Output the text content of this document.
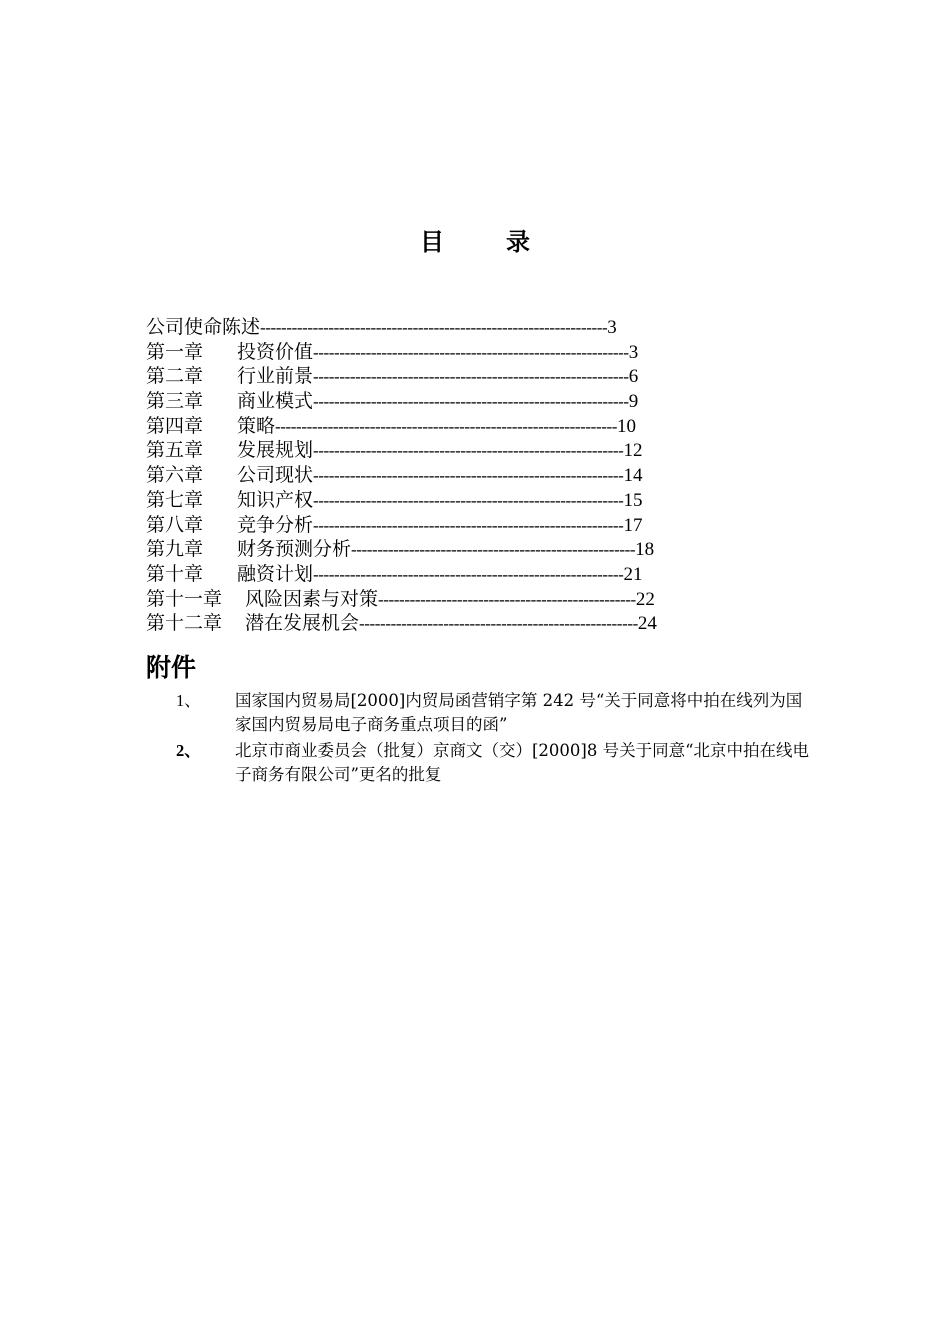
目	录
公司使命陈述------------------------------------------------------------------3
第一章 投资价值------------------------------------------------------------3
第二章 行业前景------------------------------------------------------------6
第三章 商业模式------------------------------------------------------------9
第四章 策略-----------------------------------------------------------------10
第五章 发展规划-----------------------------------------------------------12
第六章 公司现状-----------------------------------------------------------14
第七章 知识产权-----------------------------------------------------------15
第八章 竞争分析-----------------------------------------------------------17
第九章 财务预测分析------------------------------------------------------18
第十章 融资计划-----------------------------------------------------------21
第十一章 风险因素与对策-------------------------------------------------22
第十二章 潜在发展机会-----------------------------------------------------24
附件
1、	国家国内贸易局[2000]内贸局函营销字第 242 号“关于同意将中拍在线列为国家国内贸易局电子商务重点项目的函”
2、	北京市商业委员会（批复）京商文（交）[2000]8 号关于同意“北京中拍在线电子商务有限公司”更名的批复
